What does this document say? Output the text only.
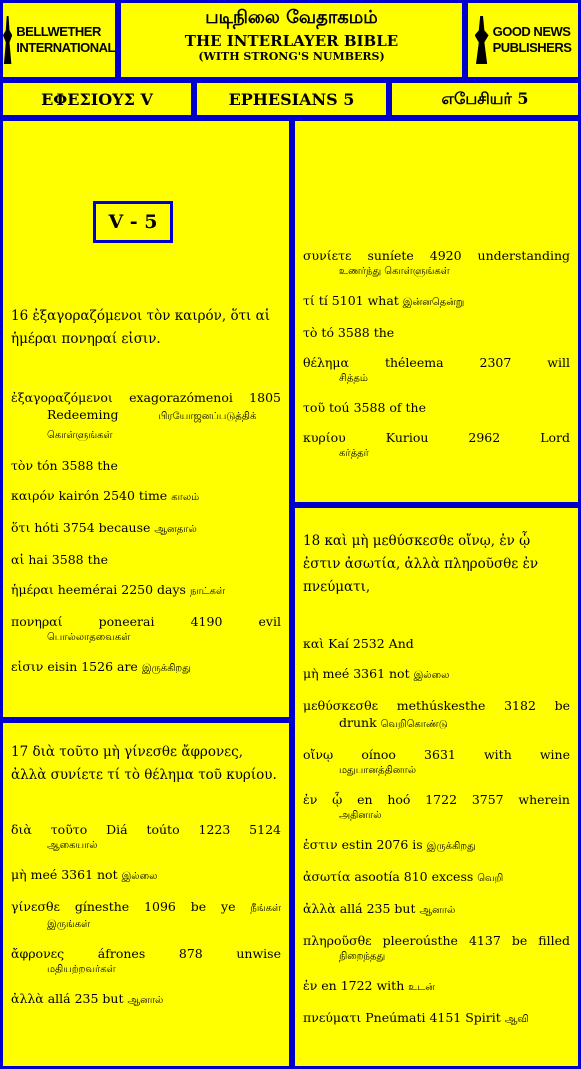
BELLWETHER
INTERNATIONAL
படிநிலை வேதாகமம்
THE INTERLAYER BIBLE
(WITH STRONG'S NUMBERS)
GOOD NEWS
PUBLISHERS
ΕΦΕΣΙΟΥΣ V	EPHESIANS 5	எபேசியர் 5
V - 5
16 ἐξαγοραζόμενοι τὸν καιρόν, ὅτι αἱ ἡμέραι πονηραί εἰσιν.
ἐξαγοραζόμενοι exagorazómenoi 1805
Redeeming	பிரயோஜனப்படுத்திக் கொள்ளுங்கள்
τὸν tón 3588 the
καιρόν kairón 2540 time காலம்
ὅτι hóti 3754 because ஆனதால்
αἱ hai 3588 the
ἡμέραι heemérai 2250 days நாட்கள்
πονηραί poneerai 4190 evil
பொல்லாதவைகள்
εἰσιν eisin 1526 are இருக்கிறது
17 διὰ τοῦτο μὴ γίνεσθε ἄφρονες, ἀλλὰ συνίετε τί τὸ θέλημα τοῦ κυρίου.
διὰ τοῦτο Diá toúto 1223 5124
ஆகையால்
μὴ meé 3361 not இல்லை
γίνεσθε gínesthe 1096 be ye நீங்கள்
இருங்கள்
ἄφρονες áfrones 878 unwise
மதியற்றவர்கள்
ἀλλὰ allá 235 but ஆனால்
συνίετε suníete 4920 understanding
உணர்ந்து கொள்ளுங்கள்
τί tí 5101 what இன்னதென்று
τὸ tó 3588 the
θέλημα théleema 2307 will
சித்தம்
τοῦ toú 3588 of the
κυρίου Kuriou 2962 Lord
கர்த்தர்
18 καὶ μὴ μεθύσκεσθε οἴνῳ, ἐν ᾧ ἐστιν ἀσωτία, ἀλλὰ πληροῦσθε ἐν πνεύματι,
καὶ Kaí 2532 And
μὴ meé 3361 not இல்லை
μεθύσκεσθε methúskesthe 3182 be
drunk வெறிகொண்டு
οἴνῳ oínoo 3631 with wine
மதுபானத்தினால்
ἐν ᾧ en hoó 1722 3757 wherein
அதினால்
ἐστιν estin 2076 is இருக்கிறது
ἀσωτία asootía 810 excess வெறி
ἀλλὰ allá 235 but ஆனால்
πληροῦσθε pleeroústhe 4137 be filled
நிறைந்தது
ἐν en 1722 with உடன்
πνεύματι Pneúmati 4151 Spirit ஆவி
